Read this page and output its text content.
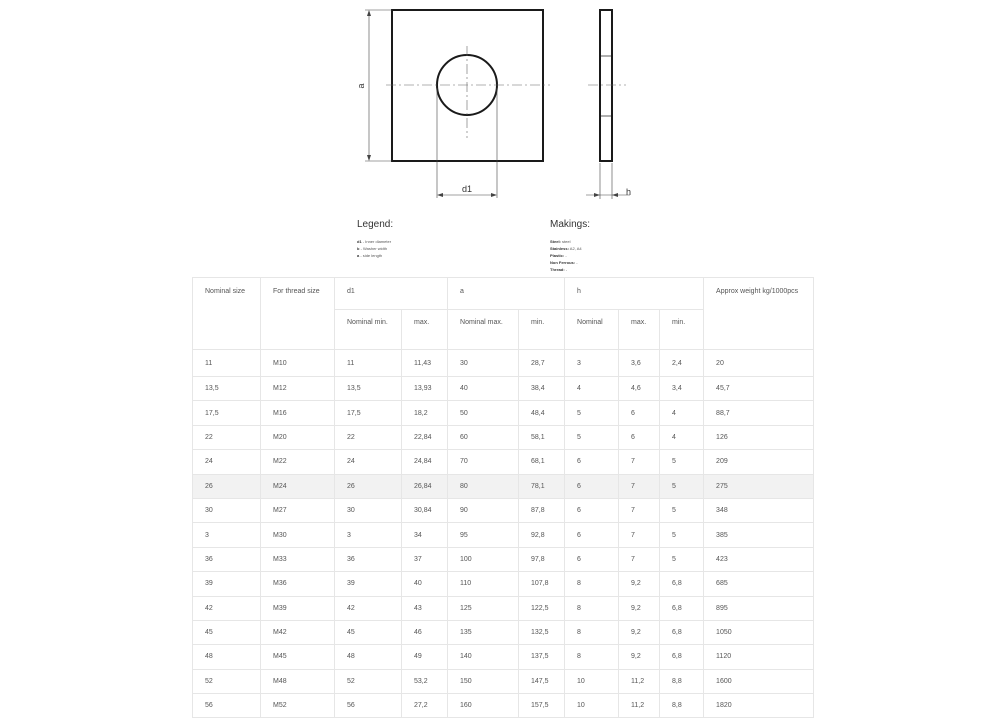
a
d1	h
Legend:
d1 - Inner diameter
b - Washer width
a - side length
Makings:
Steel: steel
Stainless: A2, A4
Plastic: -
Non Ferrous: -
Thread: -
Nominal size	For thread size	d1		a		h			Approx weight kg/1000pcs
		Nominal min.	max.	Nominal max.	min.	Nominal	max.	min.	
11	M10	11	11,43	30	28,7	3	3,6	2,4	20
13,5	M12	13,5	13,93	40	38,4	4	4,6	3,4	45,7
17,5	M16	17,5	18,2	50	48,4	5	6	4	88,7
22	M20	22	22,84	60	58,1	5	6	4	126
24	M22	24	24,84	70	68,1	6	7	5	209
26	M24	26	26,84	80	78,1	6	7	5	275
30	M27	30	30,84	90	87,8	6	7	5	348
3	M30	3	34	95	92,8	6	7	5	385
36	M33	36	37	100	97,8	6	7	5	423
39	M36	39	40	110	107,8	8	9,2	6,8	685
42	M39	42	43	125	122,5	8	9,2	6,8	895
45	M42	45	46	135	132,5	8	9,2	6,8	1050
48	M45	48	49	140	137,5	8	9,2	6,8	1120
52	M48	52	53,2	150	147,5	10	11,2	8,8	1600
56	M52	56	27,2	160	157,5	10	11,2	8,8	1820
